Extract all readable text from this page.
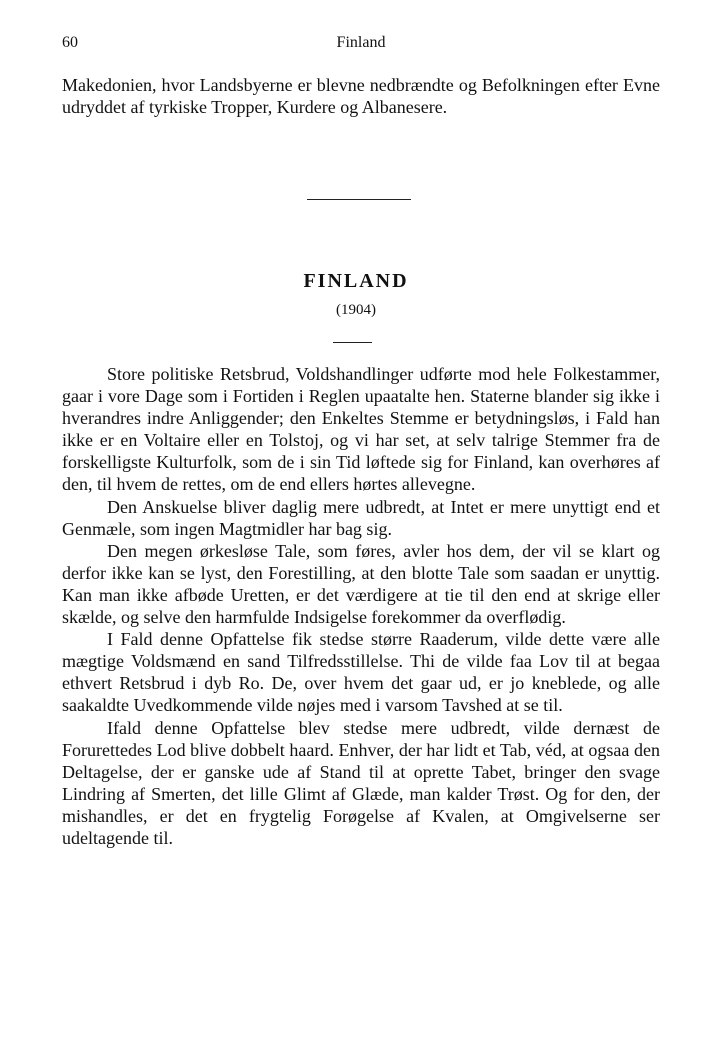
60	Finland
Makedonien, hvor Landsbyerne er blevne nedbrændte og Befolkningen efter Evne udryddet af tyrkiske Tropper, Kurdere og Albanesere.
FINLAND
(1904)

Store politiske Retsbrud, Voldshandlinger udførte mod hele Folkestammer, gaar i vore Dage som i Fortiden i Reglen upaatalte hen. Staterne blander sig ikke i hverandres indre Anliggender; den Enkeltes Stemme er betydningsløs, i Fald han ikke er en Voltaire eller en Tolstoj, og vi har set, at selv talrige Stemmer fra de forskelligste Kulturfolk, som de i sin Tid løftede sig for Finland, kan overhøres af den, til hvem de rettes, om de end ellers hørtes allevegne.

Den Anskuelse bliver daglig mere udbredt, at Intet er mere unyttigt end et Genmæle, som ingen Magtmidler har bag sig.

Den megen ørkesløse Tale, som føres, avler hos dem, der vil se klart og derfor ikke kan se lyst, den Forestilling, at den blotte Tale som saadan er unyttig. Kan man ikke afbøde Uretten, er det værdigere at tie til den end at skrige eller skælde, og selve den harmfulde Indsigelse forekommer da overflødig.

I Fald denne Opfattelse fik stedse større Raaderum, vilde dette være alle mægtige Voldsmænd en sand Tilfredsstillelse. Thi de vilde faa Lov til at begaa ethvert Retsbrud i dyb Ro. De, over hvem det gaar ud, er jo kneblede, og alle saakaldte Uvedkommende vilde nøjes med i varsom Tavshed at se til.

Ifald denne Opfattelse blev stedse mere udbredt, vilde dernæst de Forurettedes Lod blive dobbelt haard. Enhver, der har lidt et Tab, véd, at ogsaa den Deltagelse, der er ganske ude af Stand til at oprette Tabet, bringer den svage Lindring af Smerten, det lille Glimt af Glæde, man kalder Trøst. Og for den, der mishandles, er det en frygtelig Forøgelse af Kvalen, at Omgivelserne ser udeltagende til.
